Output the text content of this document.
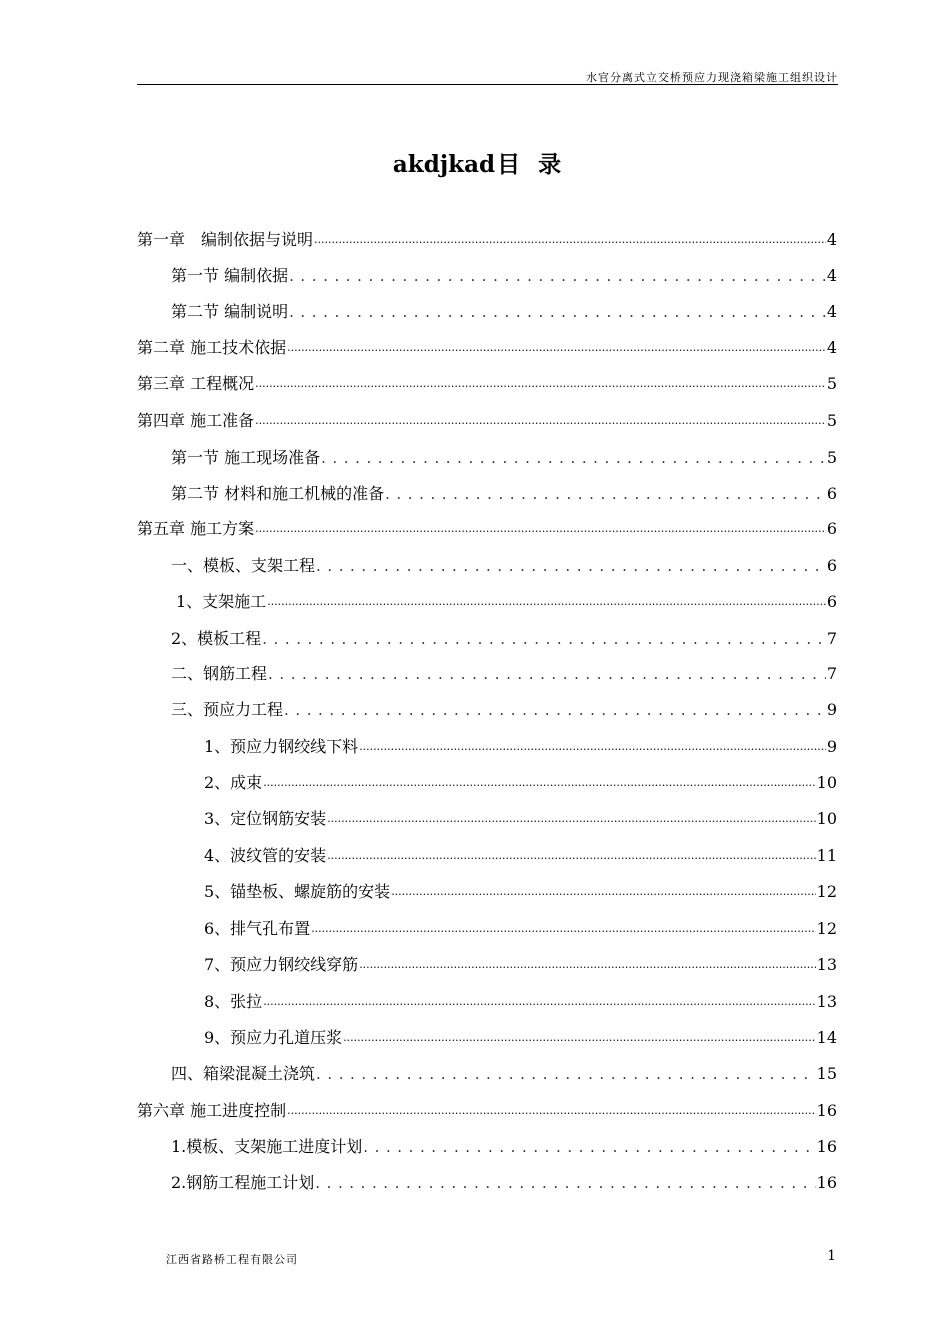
水官分离式立交桥预应力现浇箱梁施工组织设计
akdjkad目录
第一章　编制依据与说明 .....	4
第一节 编制依据 . . .	4
第二节 编制说明 . . .	4
第二章 施工技术依据 .....	4
第三章 工程概况 .....	5
第四章 施工准备 .....	5
第一节 施工现场准备 . . .	5
第二节 材料和施工机械的准备 . . .	6
第五章 施工方案 .....	6
一、模板、支架工程 . . .	6
1、支架施工 .....	6
2、模板工程 . . .	7
二、钢筋工程 . . .	7
三、预应力工程 . . .	9
1、预应力钢绞线下料 .....	9
2、成束 .....	10
3、定位钢筋安装 .....	10
4、波纹管的安装 .....	11
5、锚垫板、螺旋筋的安装 .....	12
6、排气孔布置 .....	12
7、预应力钢绞线穿筋 .....	13
8、张拉 .....	13
9、预应力孔道压浆 .....	14
四、箱梁混凝土浇筑 . . .	15
第六章 施工进度控制 .....	16
1.模板、支架施工进度计划 . . .	16
2.钢筋工程施工计划 . . .	16
江西省路桥工程有限公司	1
